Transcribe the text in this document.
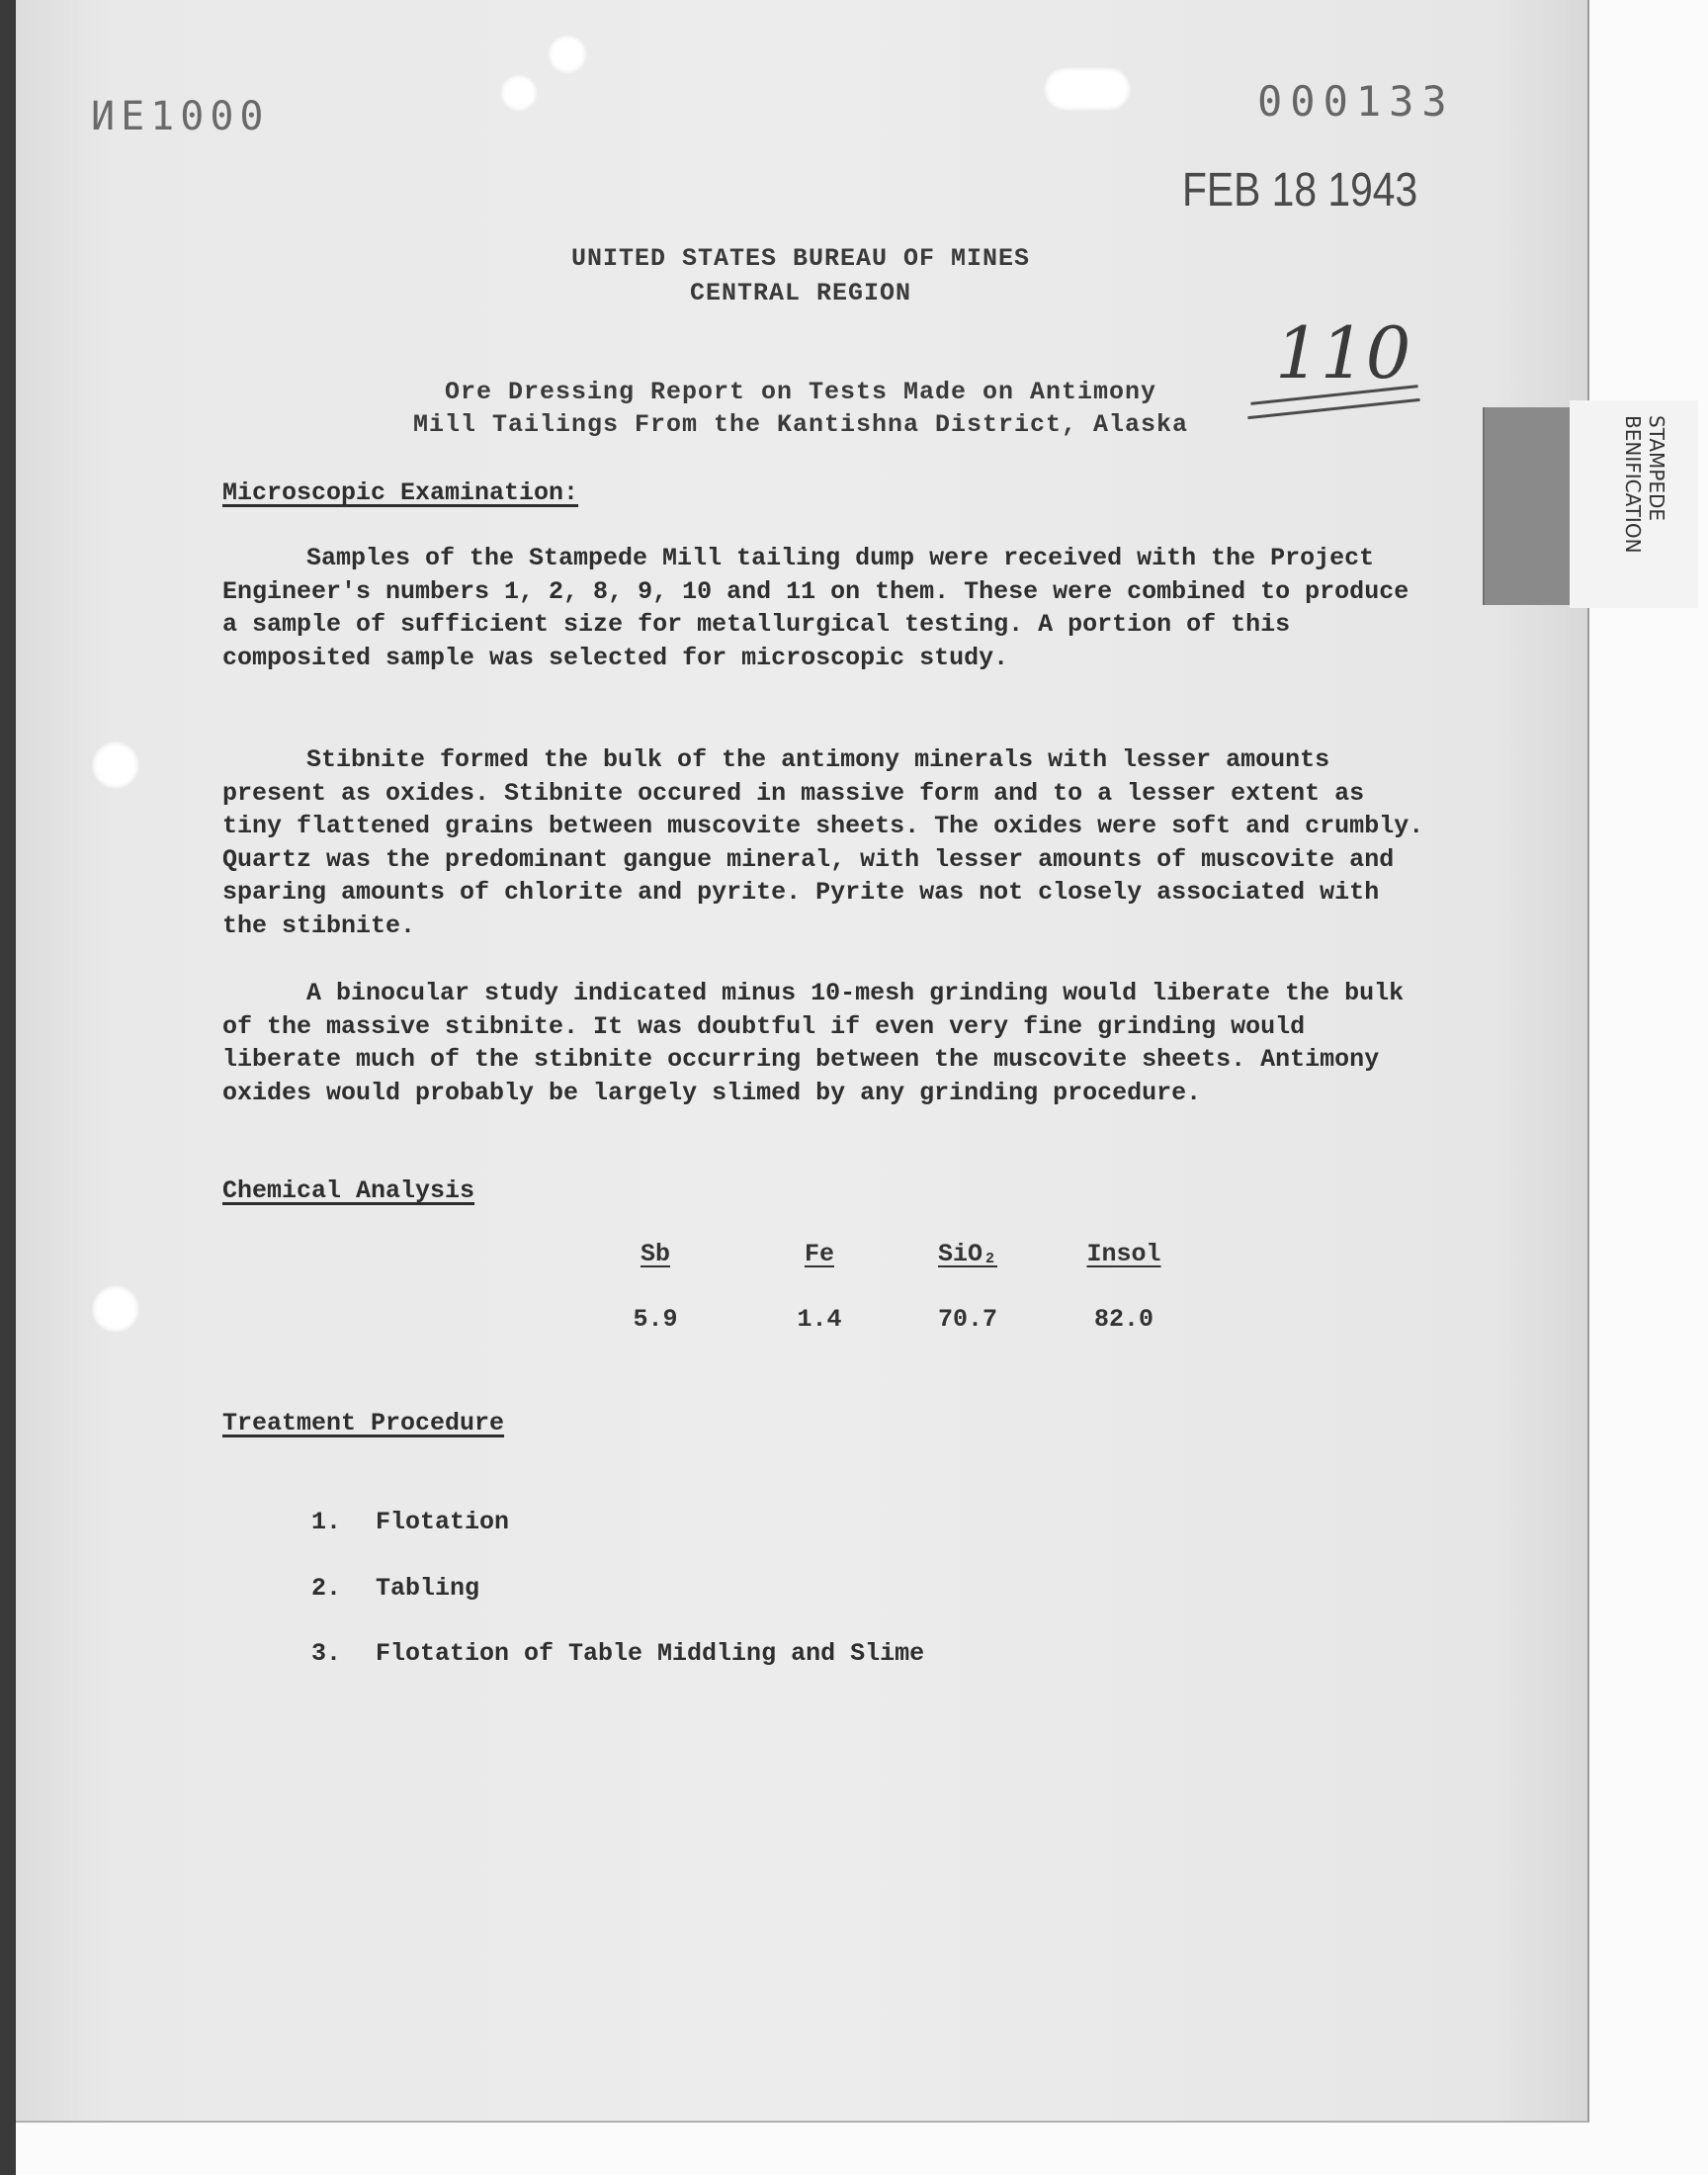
ИE1000	000133
FEB 18 1943
110
STAMPEDE
BENIFICATION
UNITED STATES BUREAU OF MINES
CENTRAL REGION
Ore Dressing Report on Tests Made on Antimony
Mill Tailings From the Kantishna District, Alaska
Microscopic Examination:
Samples of the Stampede Mill tailing dump were received with the Project Engineer's numbers 1, 2, 8, 9, 10 and 11 on them. These were combined to produce a sample of sufficient size for metallurgical testing. A portion of this composited sample was selected for microscopic study.
Stibnite formed the bulk of the antimony minerals with lesser amounts present as oxides. Stibnite occured in massive form and to a lesser extent as tiny flattened grains between muscovite sheets. The oxides were soft and crumbly. Quartz was the predominant gangue mineral, with lesser amounts of muscovite and sparing amounts of chlorite and pyrite. Pyrite was not closely associated with the stibnite.
A binocular study indicated minus 10-mesh grinding would liberate the bulk of the massive stibnite. It was doubtful if even very fine grinding would liberate much of the stibnite occurring between the muscovite sheets. Antimony oxides would probably be largely slimed by any grinding procedure.
Chemical Analysis
Sb	Fe	SiO₂	Insol
5.9	1.4	70.7	82.0
Treatment Procedure
1. Flotation
2. Tabling
3. Flotation of Table Middling and Slime
